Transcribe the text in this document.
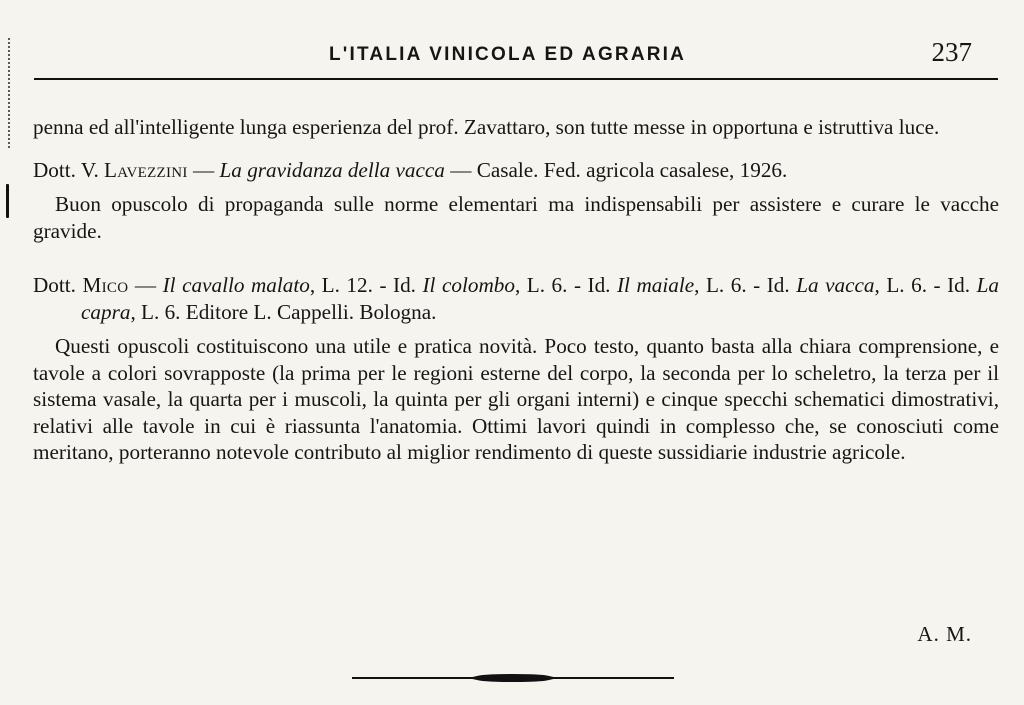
L'ITALIA VINICOLA ED AGRARIA	237

penna ed all'intelligente lunga esperienza del prof. Zavattaro, son tutte messe in opportuna e istruttiva luce.

Dott. V. Lavezzini — La gravidanza della vacca — Casale. Fed. agricola casalese, 1926.

Buon opuscolo di propaganda sulle norme elementari ma indispensabili per assistere e curare le vacche gravide.

Dott. Mico — Il cavallo malato, L. 12. - Id. Il colombo, L. 6. - Id. Il maiale, L. 6. - Id. La vacca, L. 6. - Id. La capra, L. 6. Editore L. Cappelli. Bologna.

Questi opuscoli costituiscono una utile e pratica novità. Poco testo, quanto basta alla chiara comprensione, e tavole a colori sovrapposte (la prima per le regioni esterne del corpo, la seconda per lo scheletro, la terza per il sistema vasale, la quarta per i muscoli, la quinta per gli organi interni) e cinque specchi schematici dimostrativi, relativi alle tavole in cui è riassunta l'anatomia. Ottimi lavori quindi in complesso che, se conosciuti come meritano, porteranno notevole contributo al miglior rendimento di queste sussidiarie industrie agricole.

A. M.
